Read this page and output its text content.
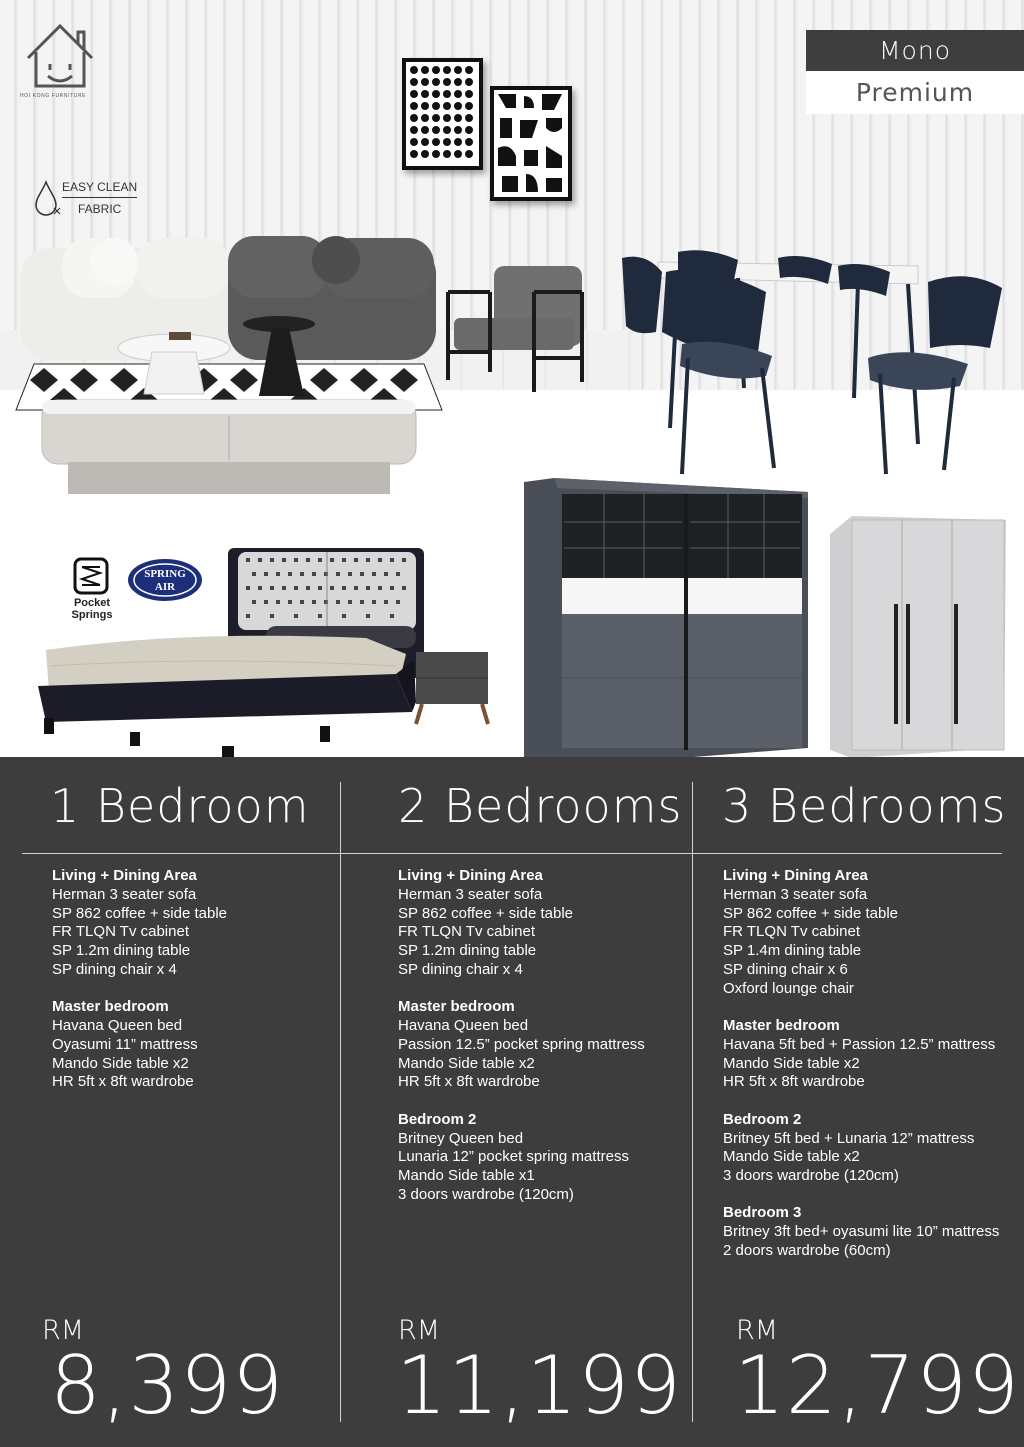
HOI KONG FURNITURE
Mono
Premium
EASY CLEAN
FABRIC
Pocket
Springs
SPRING
AIR
1 Bedroom
Living + Dining Area
Herman 3 seater sofa
SP 862 coffee + side table
FR TLQN Tv cabinet
SP 1.2m dining table
SP dining chair x 4
Master bedroom
Havana Queen bed
Oyasumi 11” mattress
Mando Side table x2
HR 5ft x 8ft wardrobe
RM
8,399
2 Bedrooms
Living + Dining Area
Herman 3 seater sofa
SP 862 coffee + side table
FR TLQN Tv cabinet
SP 1.2m dining table
SP dining chair x 4
Master bedroom
Havana Queen bed
Passion 12.5” pocket spring mattress
Mando Side table x2
HR 5ft x 8ft wardrobe
Bedroom 2
Britney Queen bed
Lunaria 12” pocket spring mattress
Mando Side table x1
3 doors wardrobe (120cm)
RM
11,199
3 Bedrooms
Living + Dining Area
Herman 3 seater sofa
SP 862 coffee + side table
FR TLQN Tv cabinet
SP 1.4m dining table
SP dining chair x 6
Oxford lounge chair
Master bedroom
Havana 5ft bed + Passion 12.5” mattress
Mando Side table x2
HR 5ft x 8ft wardrobe
Bedroom 2
Britney 5ft bed + Lunaria 12” mattress
Mando Side table x2
3 doors wardrobe (120cm)
Bedroom 3
Britney 3ft bed+ oyasumi lite 10” mattress
2 doors wardrobe (60cm)
RM
12,799
